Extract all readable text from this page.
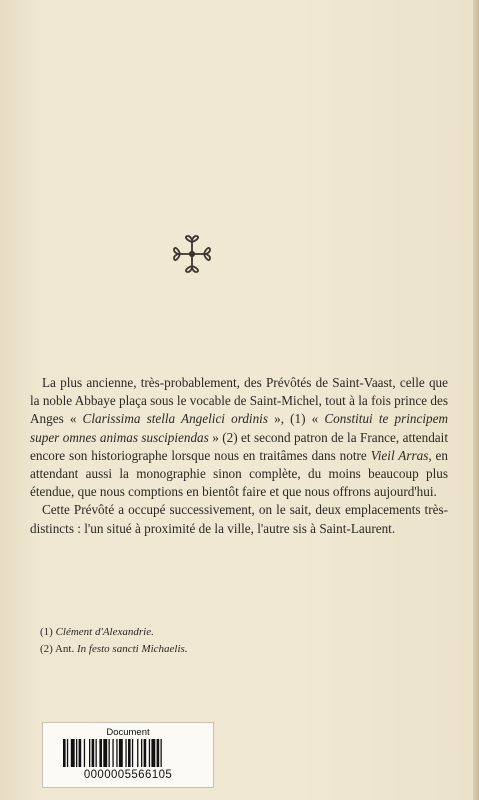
La plus ancienne, très-probablement, des Prévôtés de Saint-Vaast, celle que la noble Abbaye plaça sous le vocable de Saint-Michel, tout à la fois prince des Anges « Clarissima stella Angelici ordinis », (1) « Constitui te principem super omnes animas suscipiendas » (2) et second patron de la France, attendait encore son historiographe lorsque nous en traitâmes dans notre Vieil Arras, en attendant aussi la monographie sinon complète, du moins beaucoup plus étendue, que nous comptions en bientôt faire et que nous offrons aujourd'hui.

Cette Prévôté a occupé successivement, on le sait, deux emplacements très-distincts : l'un situé à proximité de la ville, l'autre sis à Saint-Laurent.

(1) Clément d'Alexandrie.
(2) Ant. In festo sancti Michaelis.
Document
0000005566105
